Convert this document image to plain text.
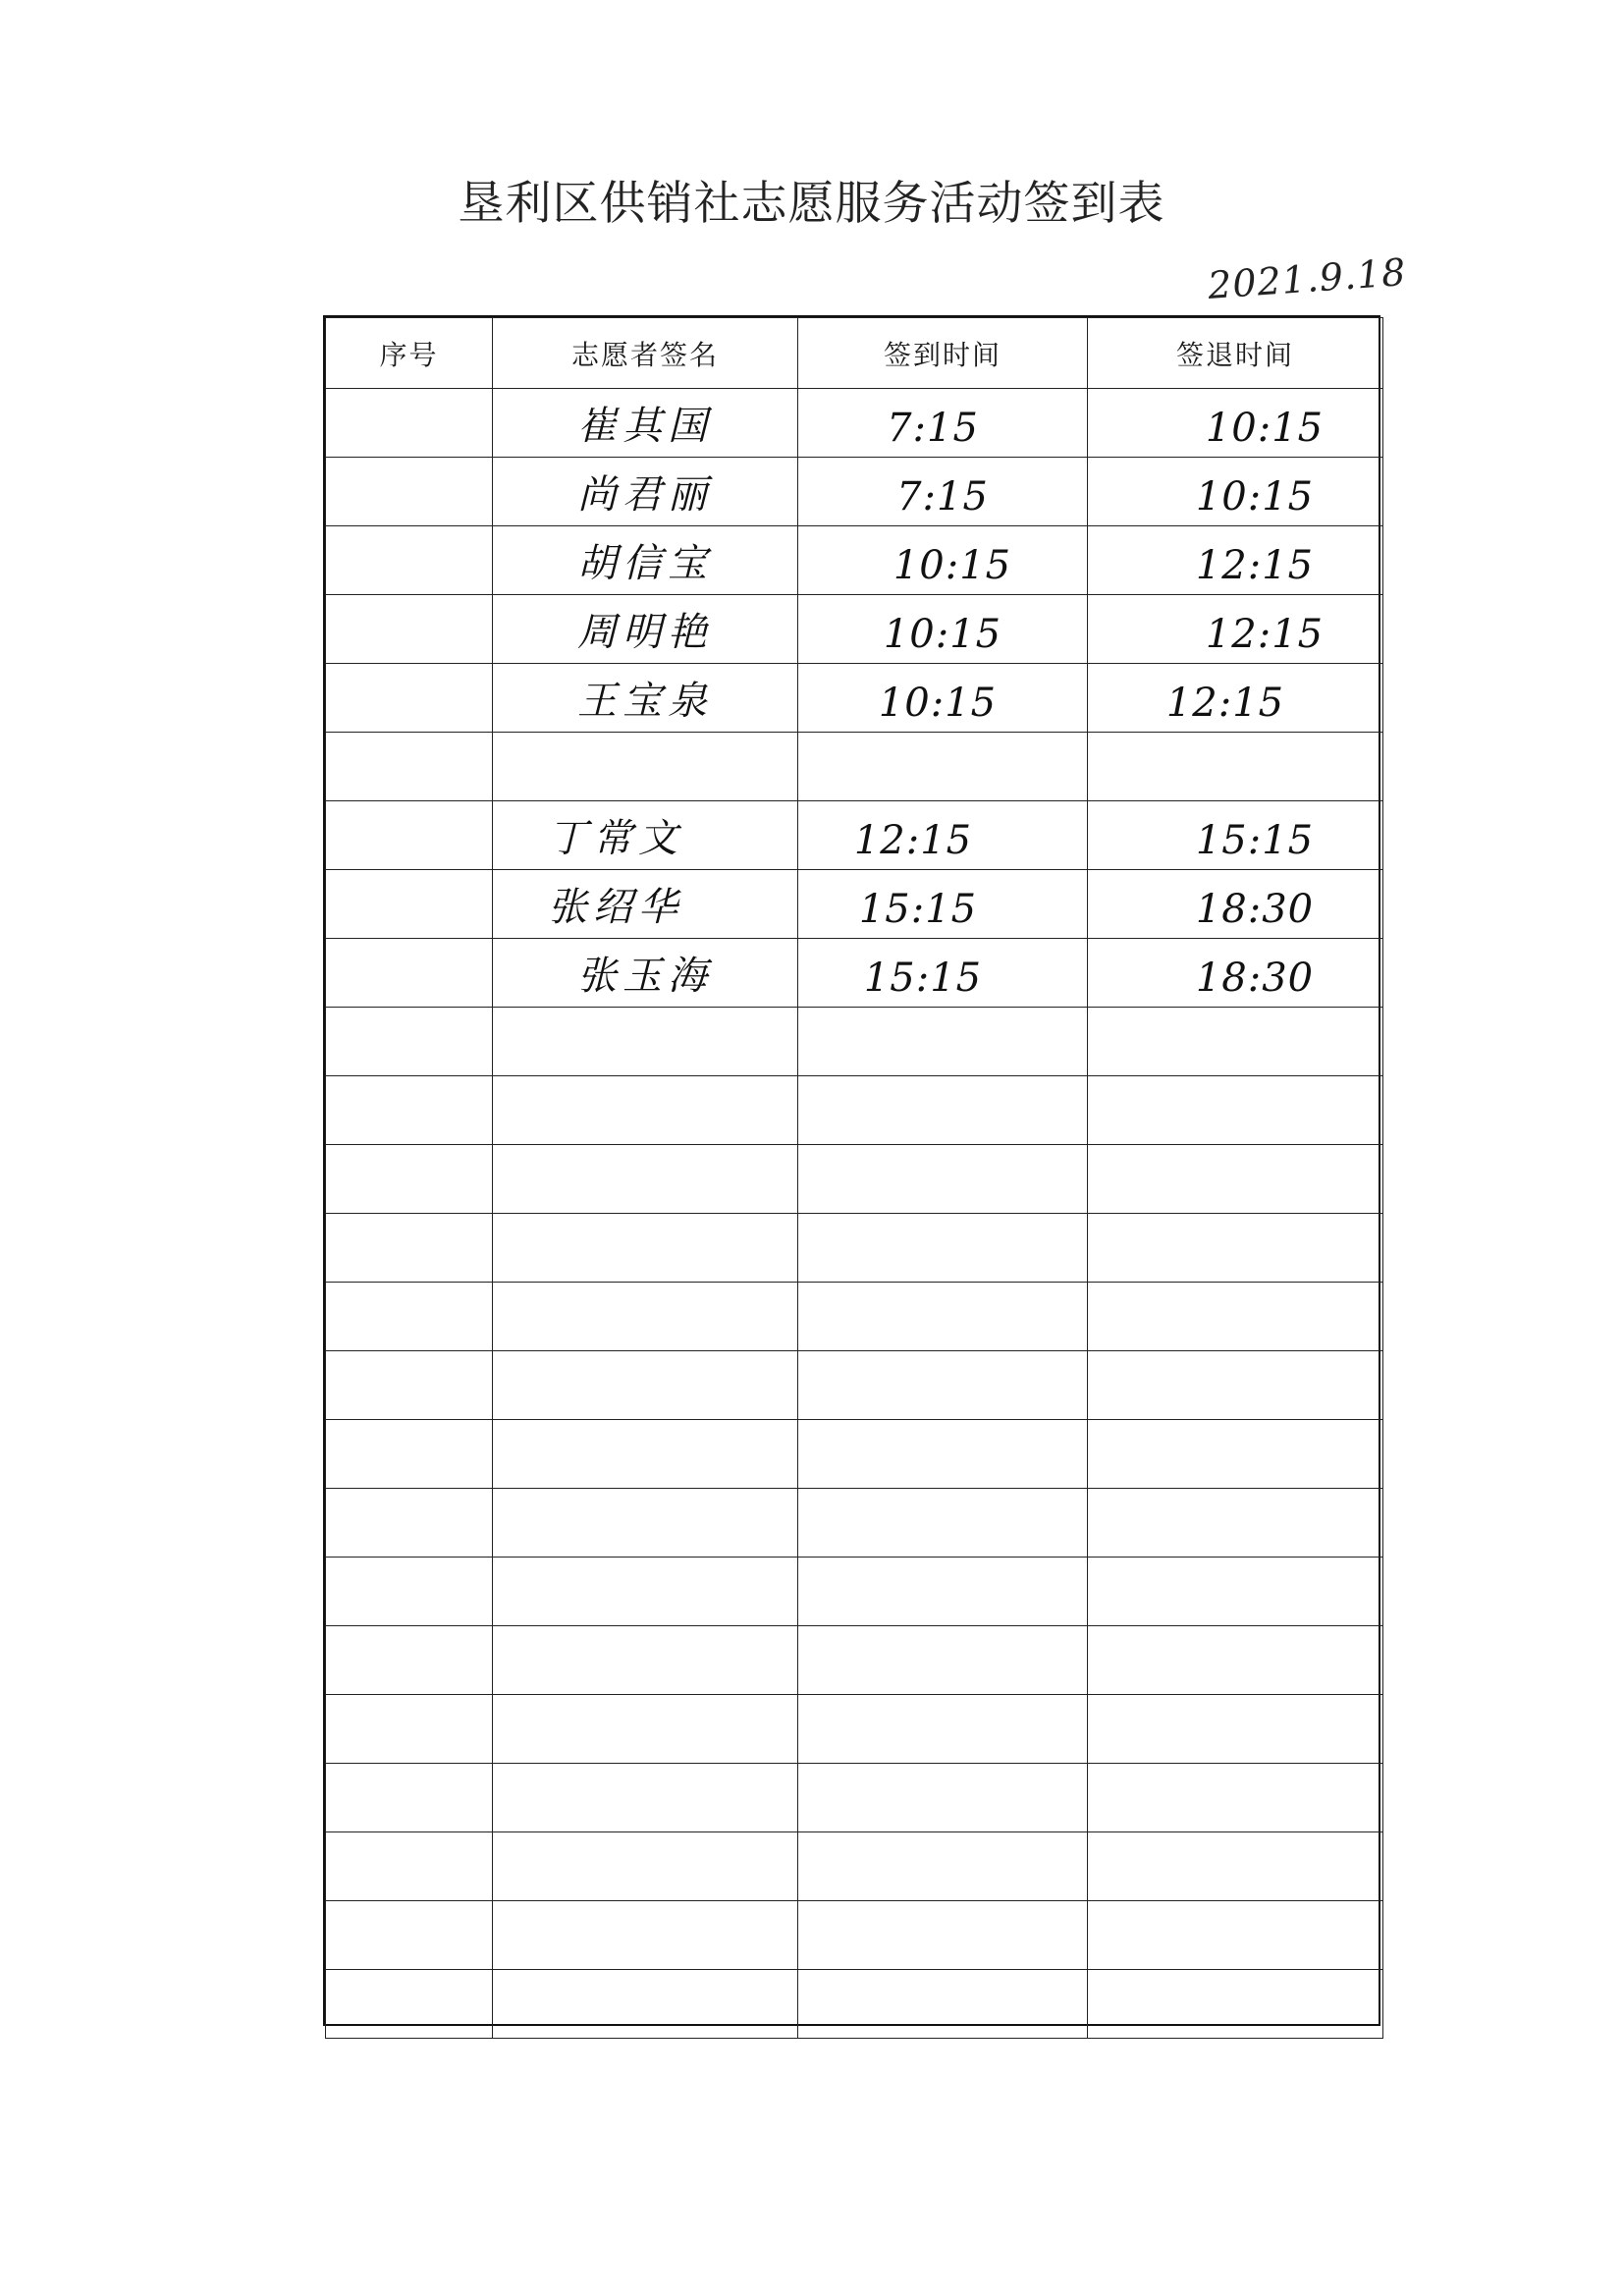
垦利区供销社志愿服务活动签到表
2021.9.18
序号	志愿者签名	签到时间	签退时间

	崔其国	7:15	10:15

	尚君丽	7:15	10:15

	胡信宝	10:15	12:15

	周明艳	10:15	12:15

	王宝泉	10:15	12:15

	丁常文	12:15	15:15

	张绍华	15:15	18:30

	张玉海	15:15	18:30
